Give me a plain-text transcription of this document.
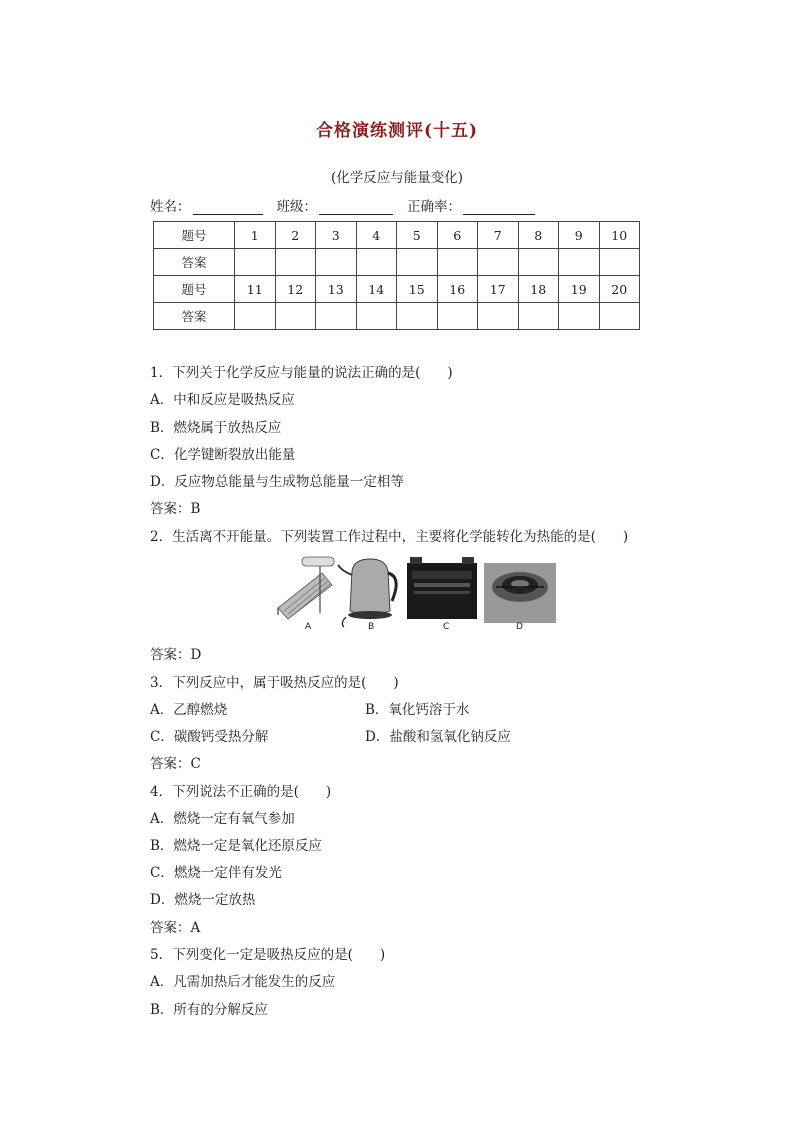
合格演练测评(十五)
(化学反应与能量变化)
姓名：	班级：	正确率：
题号	1	2	3	4	5	6	7	8	9	10
答案										
题号	11	12	13	14	15	16	17	18	19	20
答案										
1．下列关于化学反应与能量的说法正确的是(　　)
A．中和反应是吸热反应
B．燃烧属于放热反应
C．化学键断裂放出能量
D．反应物总能量与生成物总能量一定相等
答案：B
2．生活离不开能量。下列装置工作过程中，主要将化学能转化为热能的是(　　)
A	B	C	D
答案：D
3．下列反应中，属于吸热反应的是(　　)
A．乙醇燃烧	B．氧化钙溶于水
C．碳酸钙受热分解	D．盐酸和氢氧化钠反应
答案：C
4．下列说法不正确的是(　　)
A．燃烧一定有氧气参加
B．燃烧一定是氧化还原反应
C．燃烧一定伴有发光
D．燃烧一定放热
答案：A
5．下列变化一定是吸热反应的是(　　)
A．凡需加热后才能发生的反应
B．所有的分解反应
